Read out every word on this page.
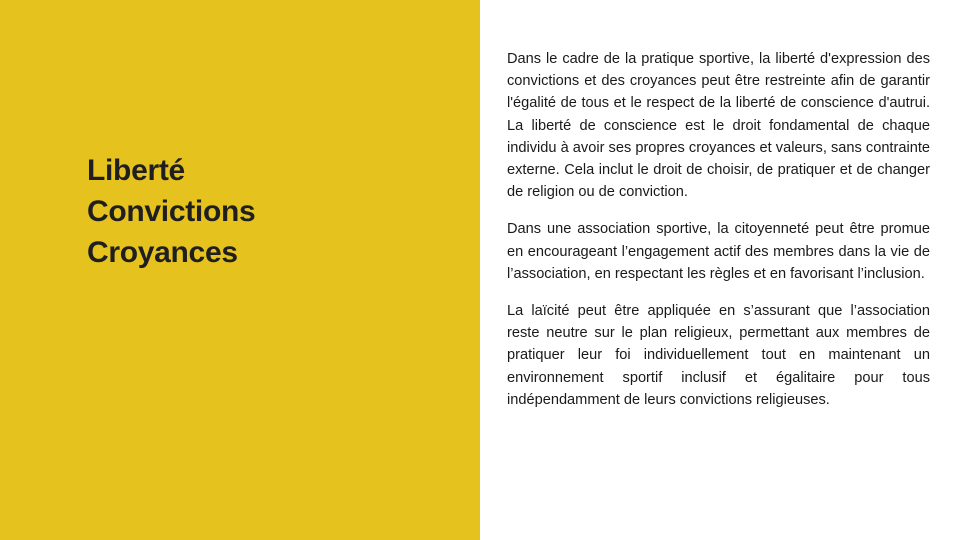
Liberté
Convictions
Croyances

Dans le cadre de la pratique sportive, la liberté d'expression des convictions et des croyances peut être restreinte afin de garantir l'égalité de tous et le respect de la liberté de conscience d'autrui. La liberté de conscience est le droit fondamental de chaque individu à avoir ses propres croyances et valeurs, sans contrainte externe. Cela inclut le droit de choisir, de pratiquer et de changer de religion ou de conviction.

Dans une association sportive, la citoyenneté peut être promue en encourageant l’engagement actif des membres dans la vie de l’association, en respectant les règles et en favorisant l’inclusion.

La laïcité peut être appliquée en s’assurant que l’association reste neutre sur le plan religieux, permettant aux membres de pratiquer leur foi individuellement tout en maintenant un environnement sportif inclusif et égalitaire pour tous indépendamment de leurs convictions religieuses.
